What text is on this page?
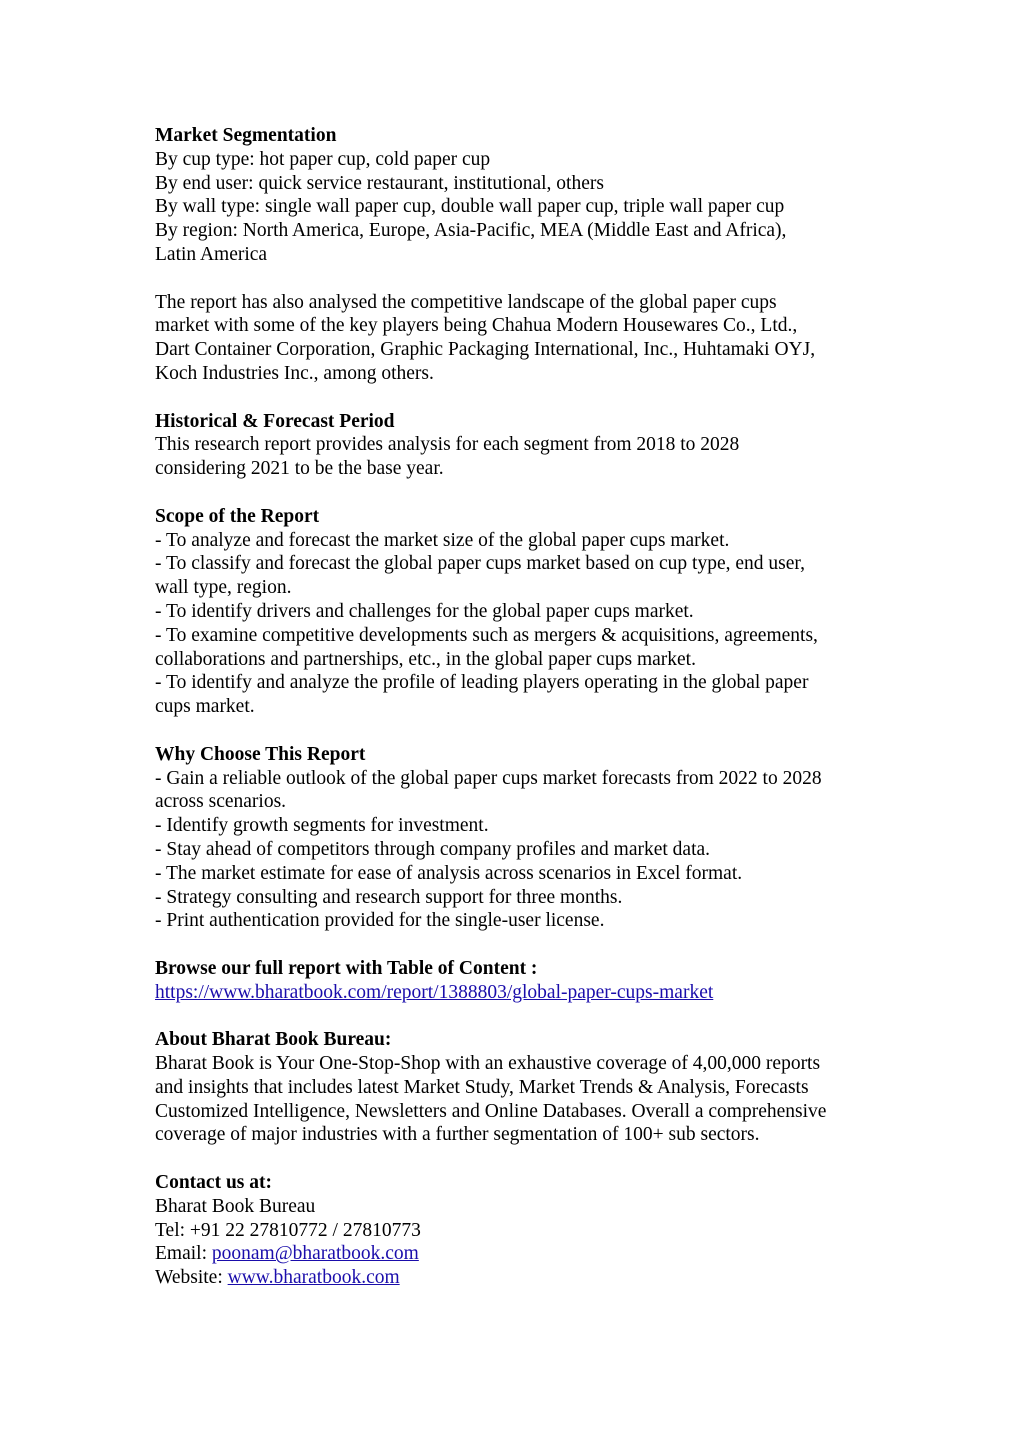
Market Segmentation
By cup type: hot paper cup, cold paper cup
By end user: quick service restaurant, institutional, others
By wall type: single wall paper cup, double wall paper cup, triple wall paper cup
By region: North America, Europe, Asia-Pacific, MEA (Middle East and Africa),
Latin America
The report has also analysed the competitive landscape of the global paper cups
market with some of the key players being Chahua Modern Housewares Co., Ltd.,
Dart Container Corporation, Graphic Packaging International, Inc., Huhtamaki OYJ,
Koch Industries Inc., among others.
Historical & Forecast Period
This research report provides analysis for each segment from 2018 to 2028
considering 2021 to be the base year.
Scope of the Report
- To analyze and forecast the market size of the global paper cups market.
- To classify and forecast the global paper cups market based on cup type, end user,
wall type, region.
- To identify drivers and challenges for the global paper cups market.
- To examine competitive developments such as mergers & acquisitions, agreements,
collaborations and partnerships, etc., in the global paper cups market.
- To identify and analyze the profile of leading players operating in the global paper
cups market.
Why Choose This Report
- Gain a reliable outlook of the global paper cups market forecasts from 2022 to 2028
across scenarios.
- Identify growth segments for investment.
- Stay ahead of competitors through company profiles and market data.
- The market estimate for ease of analysis across scenarios in Excel format.
- Strategy consulting and research support for three months.
- Print authentication provided for the single-user license.
Browse our full report with Table of Content :
https://www.bharatbook.com/report/1388803/global-paper-cups-market
About Bharat Book Bureau:
Bharat Book is Your One-Stop-Shop with an exhaustive coverage of 4,00,000 reports
and insights that includes latest Market Study, Market Trends & Analysis, Forecasts
Customized Intelligence, Newsletters and Online Databases. Overall a comprehensive
coverage of major industries with a further segmentation of 100+ sub sectors.
Contact us at:
Bharat Book Bureau
Tel: +91 22 27810772 / 27810773
Email: poonam@bharatbook.com
Website: www.bharatbook.com
